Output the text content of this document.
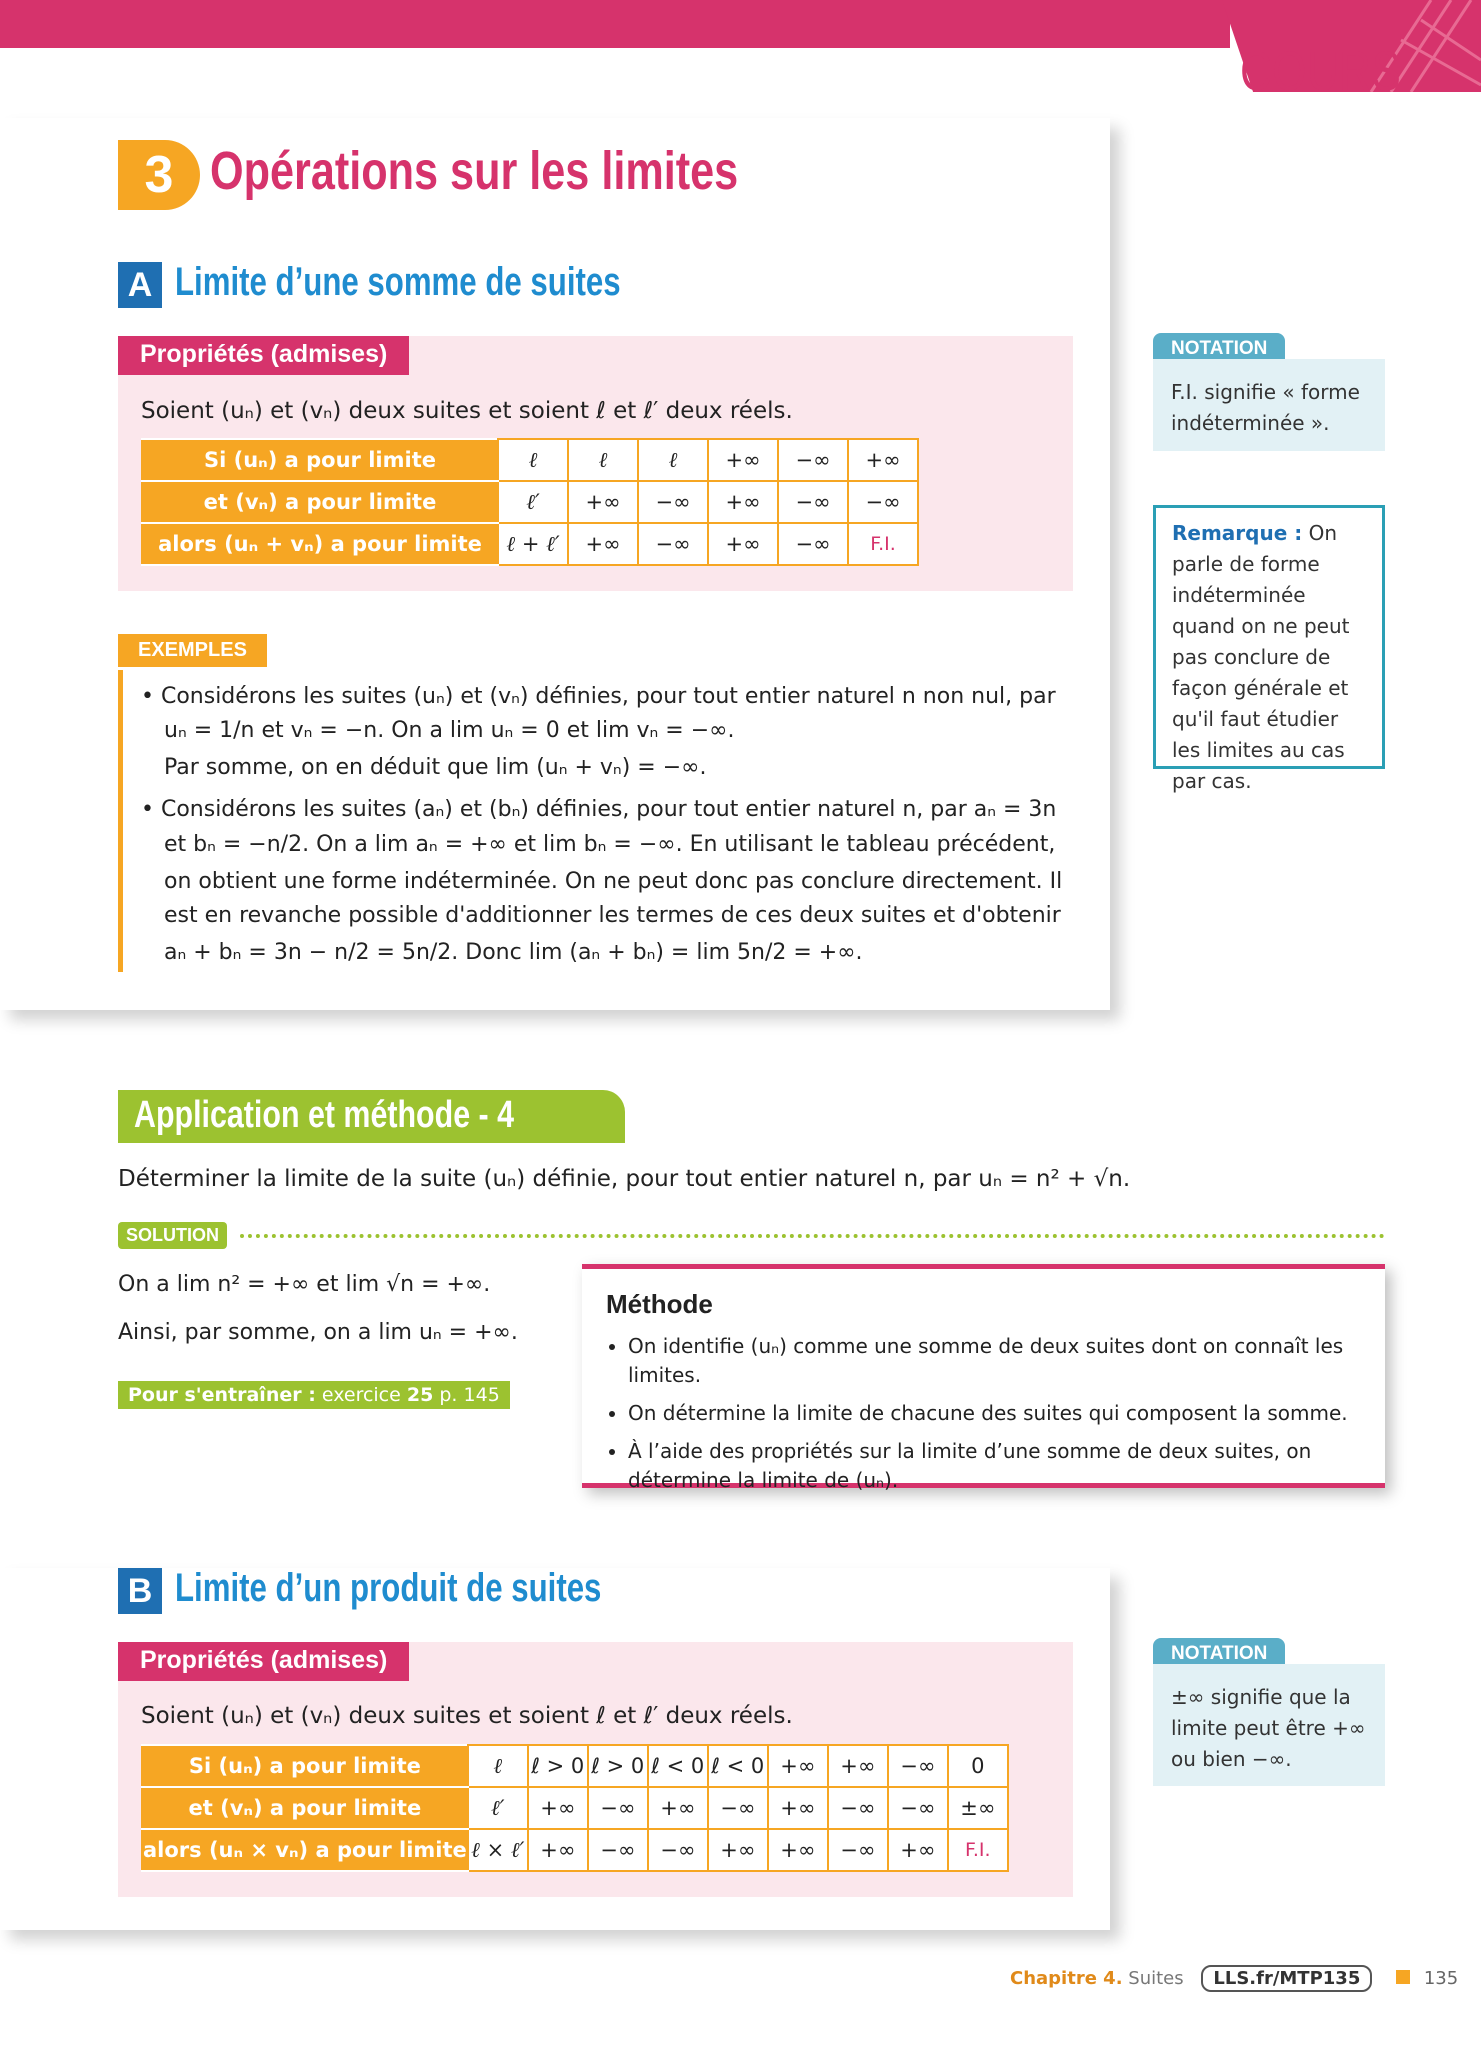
COURS
3 Opérations sur les limites
A Limite d’une somme de suites
Propriétés (admises)
Soient (uₙ) et (vₙ) deux suites et soient ℓ et ℓ′ deux réels.
Si (uₙ) a pour limite	ℓ	ℓ	ℓ	+∞	−∞	+∞
et (vₙ) a pour limite	ℓ′	+∞	−∞	+∞	−∞	−∞
alors (uₙ + vₙ) a pour limite	ℓ + ℓ′	+∞	−∞	+∞	−∞	F.I.
EXEMPLES
• Considérons les suites (uₙ) et (vₙ) définies, pour tout entier naturel n non nul, par
uₙ = 1/n et vₙ = −n. On a lim uₙ = 0 et lim vₙ = −∞.
Par somme, on en déduit que lim (uₙ + vₙ) = −∞.
• Considérons les suites (aₙ) et (bₙ) définies, pour tout entier naturel n, par aₙ = 3n
et bₙ = −n/2. On a lim aₙ = +∞ et lim bₙ = −∞. En utilisant le tableau précédent,
on obtient une forme indéterminée. On ne peut donc pas conclure directement. Il
est en revanche possible d'additionner les termes de ces deux suites et d'obtenir
aₙ + bₙ = 3n − n/2 = 5n/2. Donc lim (aₙ + bₙ) = lim 5n/2 = +∞.
NOTATION
F.I. signifie « forme indéterminée ».
Remarque : On parle de forme indéterminée quand on ne peut pas conclure de façon générale et qu'il faut étudier les limites au cas par cas.
Application et méthode - 4
Déterminer la limite de la suite (uₙ) définie, pour tout entier naturel n, par uₙ = n² + √n.
SOLUTION
On a lim n² = +∞ et lim √n = +∞.
Ainsi, par somme, on a lim uₙ = +∞.
Pour s'entraîner : exercice 25 p. 145
Méthode
• On identifie (uₙ) comme une somme de deux suites dont on connaît les limites.
• On détermine la limite de chacune des suites qui composent la somme.
• À l’aide des propriétés sur la limite d’une somme de deux suites, on détermine la limite de (uₙ).
B Limite d’un produit de suites
Propriétés (admises)
Soient (uₙ) et (vₙ) deux suites et soient ℓ et ℓ′ deux réels.
Si (uₙ) a pour limite	ℓ	ℓ > 0	ℓ > 0	ℓ < 0	ℓ < 0	+∞	+∞	−∞	0
et (vₙ) a pour limite	ℓ′	+∞	−∞	+∞	−∞	+∞	−∞	−∞	±∞
alors (uₙ × vₙ) a pour limite	ℓ × ℓ′	+∞	−∞	−∞	+∞	+∞	−∞	+∞	F.I.
NOTATION
±∞ signifie que la limite peut être +∞ ou bien −∞.
Chapitre 4. Suites LLS.fr/MTP135	135
